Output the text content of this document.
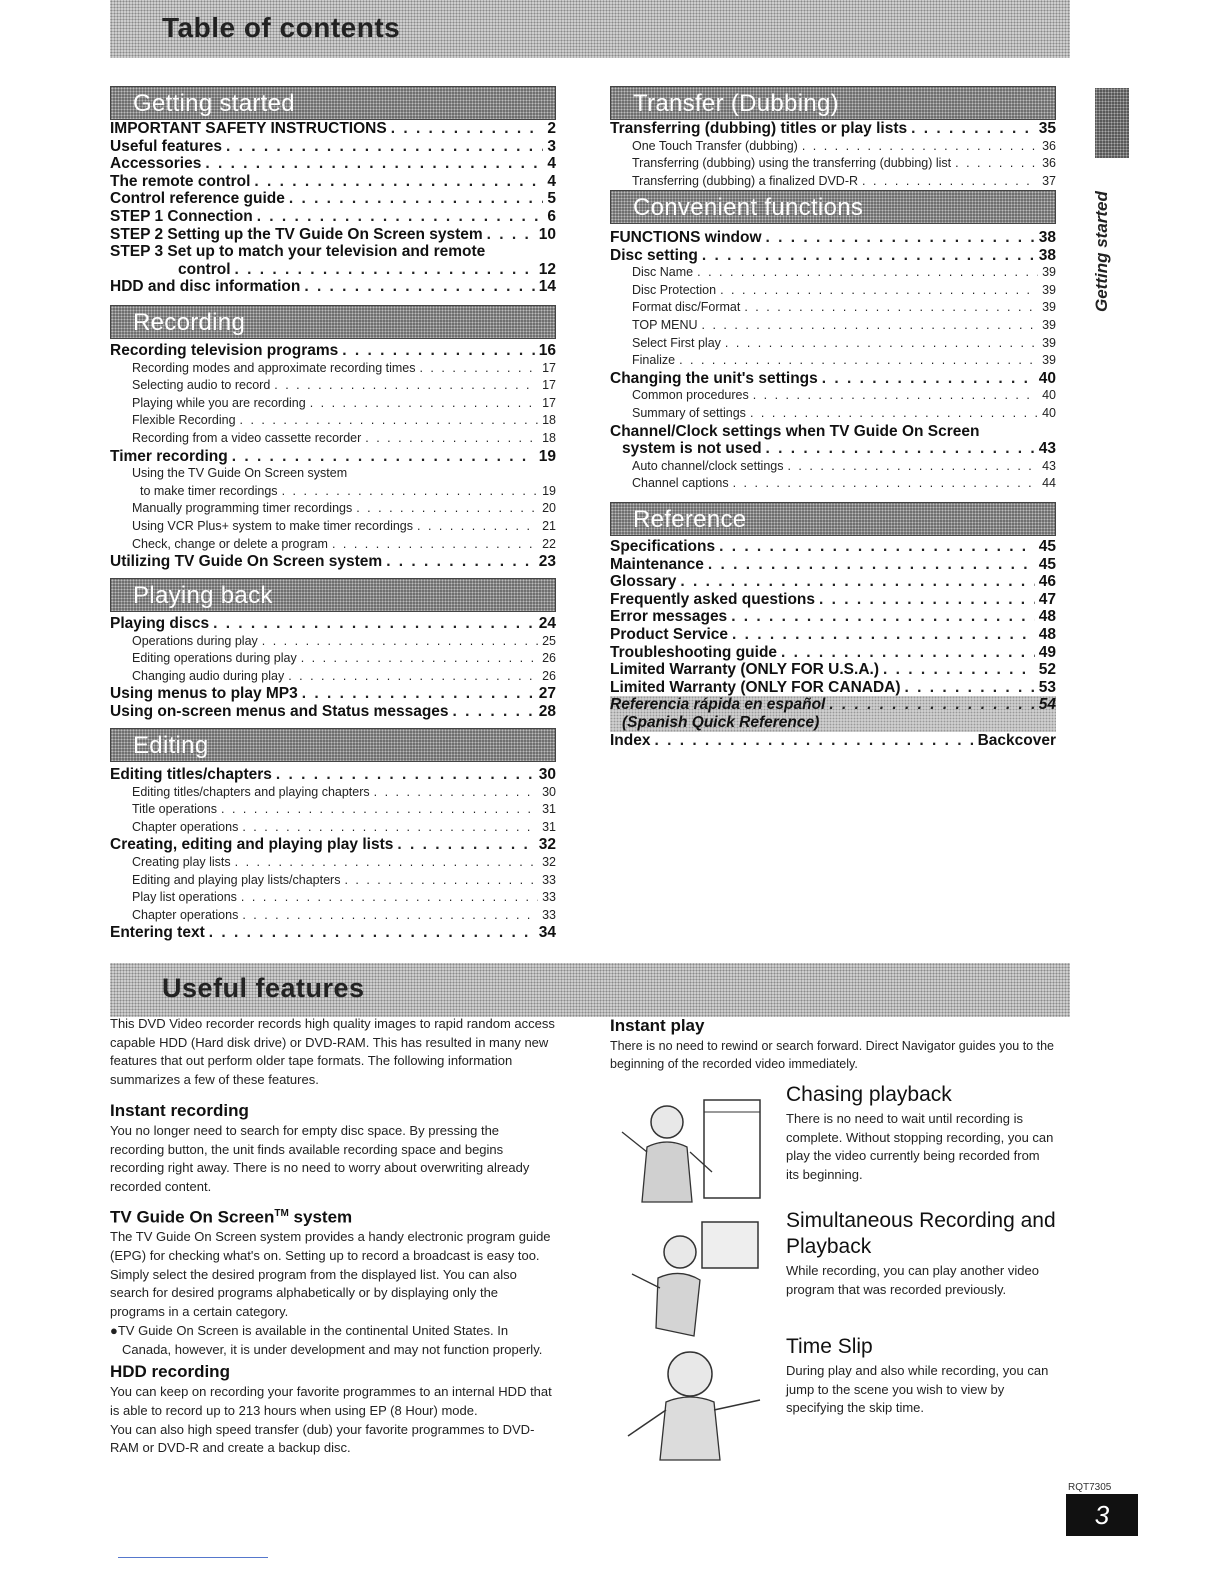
Table of contents
Getting started
Getting started
Recording
Playing back
Editing
Transfer (Dubbing)
Convenient functions
Reference
IMPORTANT SAFETY INSTRUCTIONS . . .	2
Useful features . . .	3
Accessories . . .	4
The remote control . . .	4
Control reference guide . . .	5
STEP 1 Connection . . .	6
STEP 2 Setting up the TV Guide On Screen system . . .	10
STEP 3 Set up to match your television and remote
control . . .	12
HDD and disc information . . .	14
Recording television programs . . .	16
Recording modes and approximate recording times . . .	17
Selecting audio to record . . .	17
Playing while you are recording . . .	17
Flexible Recording . . .	18
Recording from a video cassette recorder . . .	18
Timer recording . . .	19
Using the TV Guide On Screen system
to make timer recordings . . .	19
Manually programming timer recordings . . .	20
Using VCR Plus+ system to make timer recordings . . .	21
Check, change or delete a program . . .	22
Utilizing TV Guide On Screen system . . .	23
Playing discs . . .	24
Operations during play . . .	25
Editing operations during play . . .	26
Changing audio during play . . .	26
Using menus to play MP3 . . .	27
Using on-screen menus and Status messages . . .	28
Editing titles/chapters . . .	30
Editing titles/chapters and playing chapters . . .	30
Title operations . . .	31
Chapter operations . . .	31
Creating, editing and playing play lists . . .	32
Creating play lists . . .	32
Editing and playing play lists/chapters . . .	33
Play list operations . . .	33
Chapter operations . . .	33
Entering text . . .	34
Transferring (dubbing) titles or play lists . . .	35
One Touch Transfer (dubbing) . . .	36
Transferring (dubbing) using the transferring (dubbing) list . . .	36
Transferring (dubbing) a finalized DVD-R . . .	37
FUNCTIONS window . . .	38
Disc setting . . .	38
Disc Name . . .	39
Disc Protection . . .	39
Format disc/Format . . .	39
TOP MENU . . .	39
Select First play . . .	39
Finalize . . .	39
Changing the unit's settings . . .	40
Common procedures . . .	40
Summary of settings . . .	40
Channel/Clock settings when TV Guide On Screen
system is not used . . .	43
Auto channel/clock settings . . .	43
Channel captions . . .	44
Specifications . . .	45
Maintenance . . .	45
Glossary . . .	46
Frequently asked questions . . .	47
Error messages . . .	48
Product Service . . .	48
Troubleshooting guide . . .	49
Limited Warranty (ONLY FOR U.S.A.) . . .	52
Limited Warranty (ONLY FOR CANADA) . . .	53
Referencia rápida en español . . .	54
(Spanish Quick Reference)
Index . . .	Backcover
Useful features

This DVD Video recorder records high quality images to rapid random access capable HDD (Hard disk drive) or DVD-RAM. This has resulted in many new features that out perform older tape formats. The following information summarizes a few of these features.

Instant recording

You no longer need to search for empty disc space. By pressing the recording button, the unit finds available recording space and begins recording right away. There is no need to worry about overwriting already recorded content.

TV Guide On Screen™ system

The TV Guide On Screen system provides a handy electronic program guide (EPG) for checking what's on. Setting up to record a broadcast is easy too. Simply select the desired program from the displayed list. You can also search for desired programs alphabetically or by displaying only the programs in a certain category.

●TV Guide On Screen is available in the continental United States. In Canada, however, it is under development and may not function properly.

HDD recording

You can keep on recording your favorite programmes to an internal HDD that is able to record up to 213 hours when using EP (8 Hour) mode.

You can also high speed transfer (dub) your favorite programmes to DVD-RAM or DVD-R and create a backup disc.

Instant play

There is no need to rewind or search forward. Direct Navigator guides you to the beginning of the recorded video immediately.

Chasing playback

There is no need to wait until recording is complete. Without stopping recording, you can play the video currently being recorded from its beginning.

Simultaneous Recording and Playback

While recording, you can play another video program that was recorded previously.

Time Slip

During play and also while recording, you can jump to the scene you wish to view by specifying the skip time.

RQT7305
3
